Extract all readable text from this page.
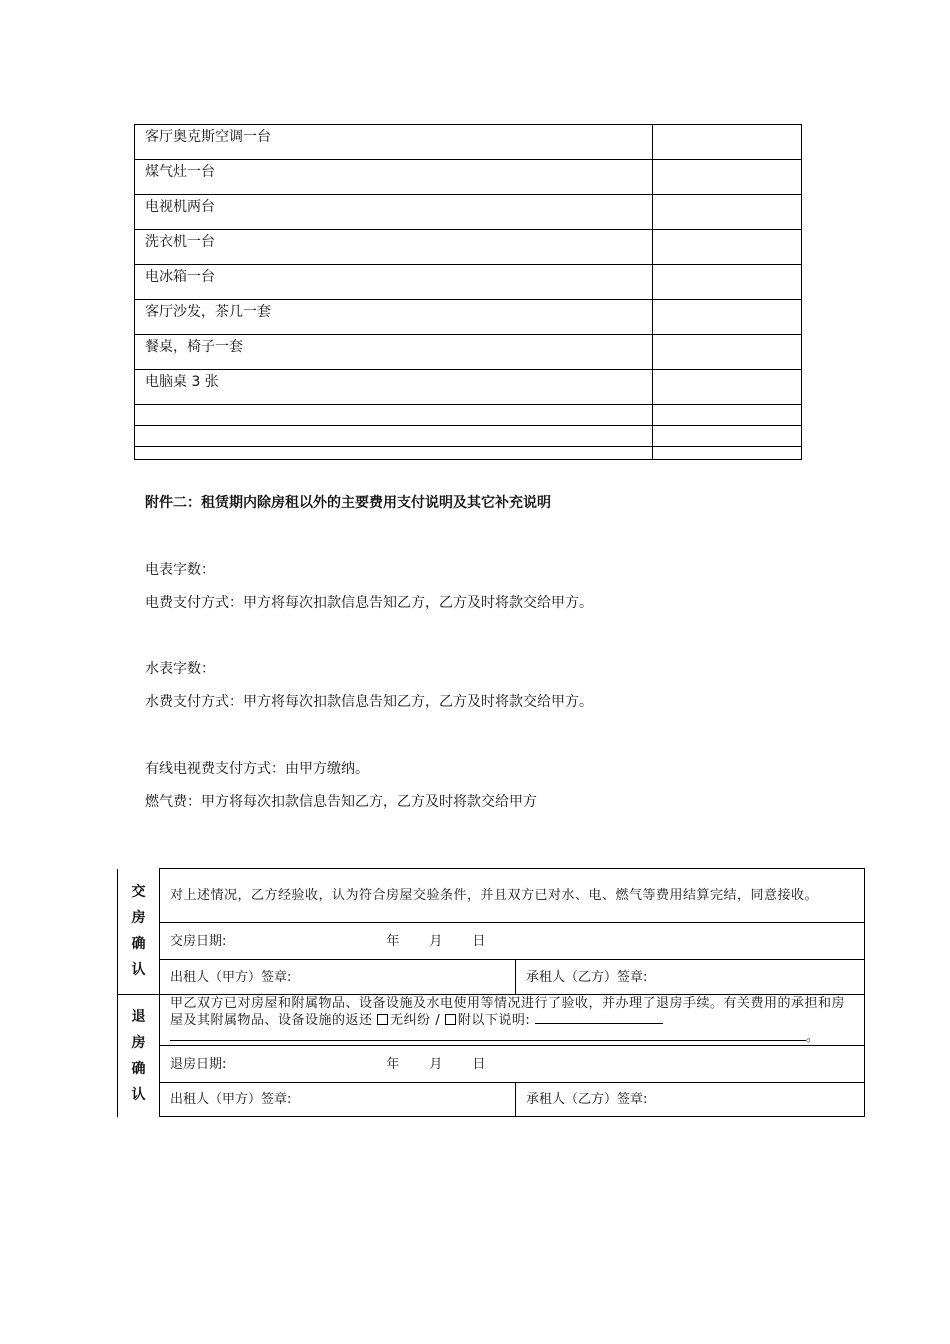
客厅奥克斯空调一台	
煤气灶一台	
电视机两台	
洗衣机一台	
电冰箱一台	
客厅沙发，茶几一套	
餐桌，椅子一套	
电脑桌 3 张	

附件二：租赁期内除房租以外的主要费用支付说明及其它补充说明
电表字数：
电费支付方式：甲方将每次扣款信息告知乙方，乙方及时将款交给甲方。
水表字数：
水费支付方式：甲方将每次扣款信息告知乙方，乙方及时将款交给甲方。
有线电视费支付方式：由甲方缴纳。
燃气费：甲方将每次扣款信息告知乙方，乙方及时将款交给甲方
交
房
确
认	对上述情况，乙方经验收，认为符合房屋交验条件，并且双方已对水、电、燃气等费用结算完结，同意接收。	
	交房日期: 年 月 日	
	出租人（甲方）签章:	承租人（乙方）签章:

退
房
确
认	甲乙双方已对房屋和附属物品、设备设施及水电使用等情况进行了验收，并办理了退房手续。有关费用的承担和房屋及其附属物品、设备设施的返还 无纠纷 / 附以下说明:
。	
	退房日期: 年 月 日	
	出租人（甲方）签章:	承租人（乙方）签章:
